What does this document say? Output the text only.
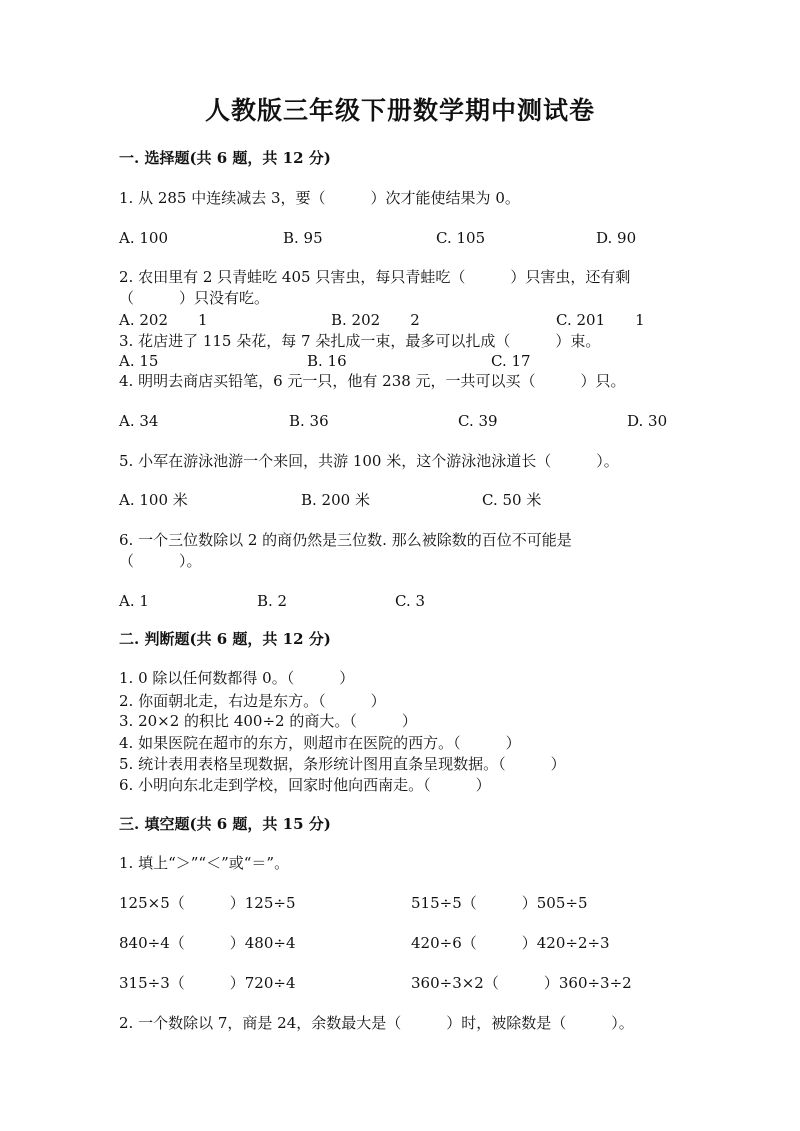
人教版三年级下册数学期中测试卷
一. 选择题(共 6 题，共 12 分)
1. 从 285 中连续减去 3，要（　　　）次才能使结果为 0。
A. 100	B. 95	C. 105	D. 90
2. 农田里有 2 只青蛙吃 405 只害虫，每只青蛙吃（　　　）只害虫，还有剩
（　　　）只没有吃。
A. 202　　1	B. 202　　2	C. 201　　1
3. 花店进了 115 朵花，每 7 朵扎成一束，最多可以扎成（　　　）束。
A. 15	B. 16	C. 17
4. 明明去商店买铅笔，6 元一只，他有 238 元，一共可以买（　　　）只。
A. 34	B. 36	C. 39	D. 30
5. 小军在游泳池游一个来回，共游 100 米，这个游泳池泳道长（　　　）。
A. 100 米	B. 200 米	C. 50 米
6. 一个三位数除以 2 的商仍然是三位数. 那么被除数的百位不可能是
（　　　）。
A. 1	B. 2	C. 3
二. 判断题(共 6 题，共 12 分)
1. 0 除以任何数都得 0。（　　　）
2. 你面朝北走，右边是东方。（　　　）
3. 20×2 的积比 400÷2 的商大。（　　　）
4. 如果医院在超市的东方，则超市在医院的西方。（　　　）
5. 统计表用表格呈现数据，条形统计图用直条呈现数据。（　　　）
6. 小明向东北走到学校，回家时他向西南走。（　　　）
三. 填空题(共 6 题，共 15 分)
1. 填上“＞”“＜”或“＝”。
125×5（　　　）125÷5	515÷5（　　　）505÷5
840÷4（　　　）480÷4	420÷6（　　　）420÷2÷3
315÷3（　　　）720÷4	360÷3×2（　　　）360÷3÷2
2. 一个数除以 7，商是 24，余数最大是（　　　）时，被除数是（　　　）。
